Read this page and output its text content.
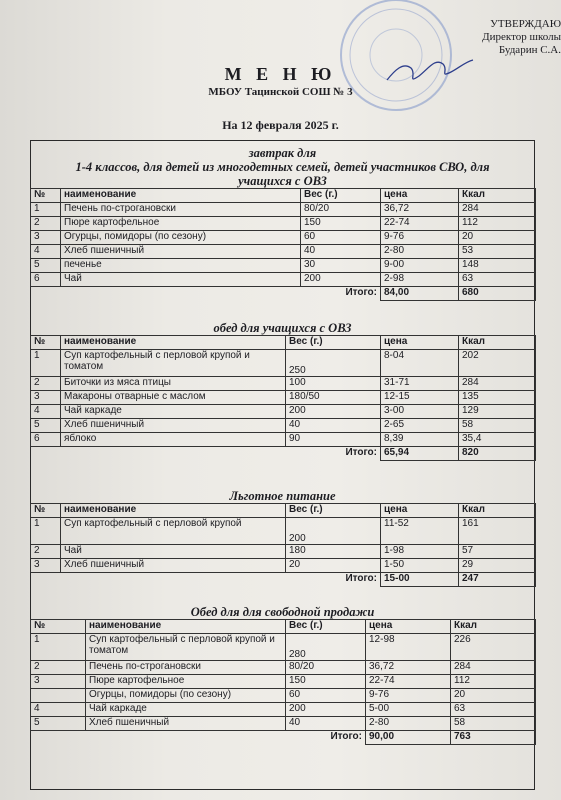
УТВЕРЖДАЮ
Директор школы
Бударин С.А.
М Е Н Ю
МБОУ Тацинской СОШ № 3
На 12 февраля 2025 г.
завтрак для
1-4 классов, для детей из многодетных семей, детей участников СВО, для
учащихся с ОВЗ
№	наименование	Вес (г.)	цена	Ккал
1	Печень по-строгановски	80/20	36,72	284
2	Пюре картофельное	150	22-74	112
3	Огурцы, помидоры (по сезону)	60	9-76	20
4	Хлеб пшеничный	40	2-80	53
5	печенье	30	9-00	148
6	Чай	200	2-98	63
		Итого:	84,00	680
обед для учащихся с ОВЗ
№	наименование	Вес (г.)	цена	Ккал
1	Суп картофельный с перловой крупой и томатом	250	8-04	202
2	Биточки из мяса птицы	100	31-71	284
3	Макароны отварные с маслом	180/50	12-15	135
4	Чай каркаде	200	3-00	129
5	Хлеб пшеничный	40	2-65	58
6	яблоко	90	8,39	35,4
		Итого:	65,94	820
Льготное питание
№	наименование	Вес (г.)	цена	Ккал
1	Суп картофельный с перловой крупой	200	11-52	161
2	Чай	180	1-98	57
3	Хлеб пшеничный	20	1-50	29
		Итого:	15-00	247
Обед для для свободной продажи
№	наименование	Вес (г.)	цена	Ккал
1	Суп картофельный с перловой крупой и томатом	280	12-98	226
2	Печень по-строгановски	80/20	36,72	284
3	Пюре картофельное	150	22-74	112
	Огурцы, помидоры (по сезону)	60	9-76	20
4	Чай каркаде	200	5-00	63
5	Хлеб пшеничный	40	2-80	58
		Итого:	90,00	763
